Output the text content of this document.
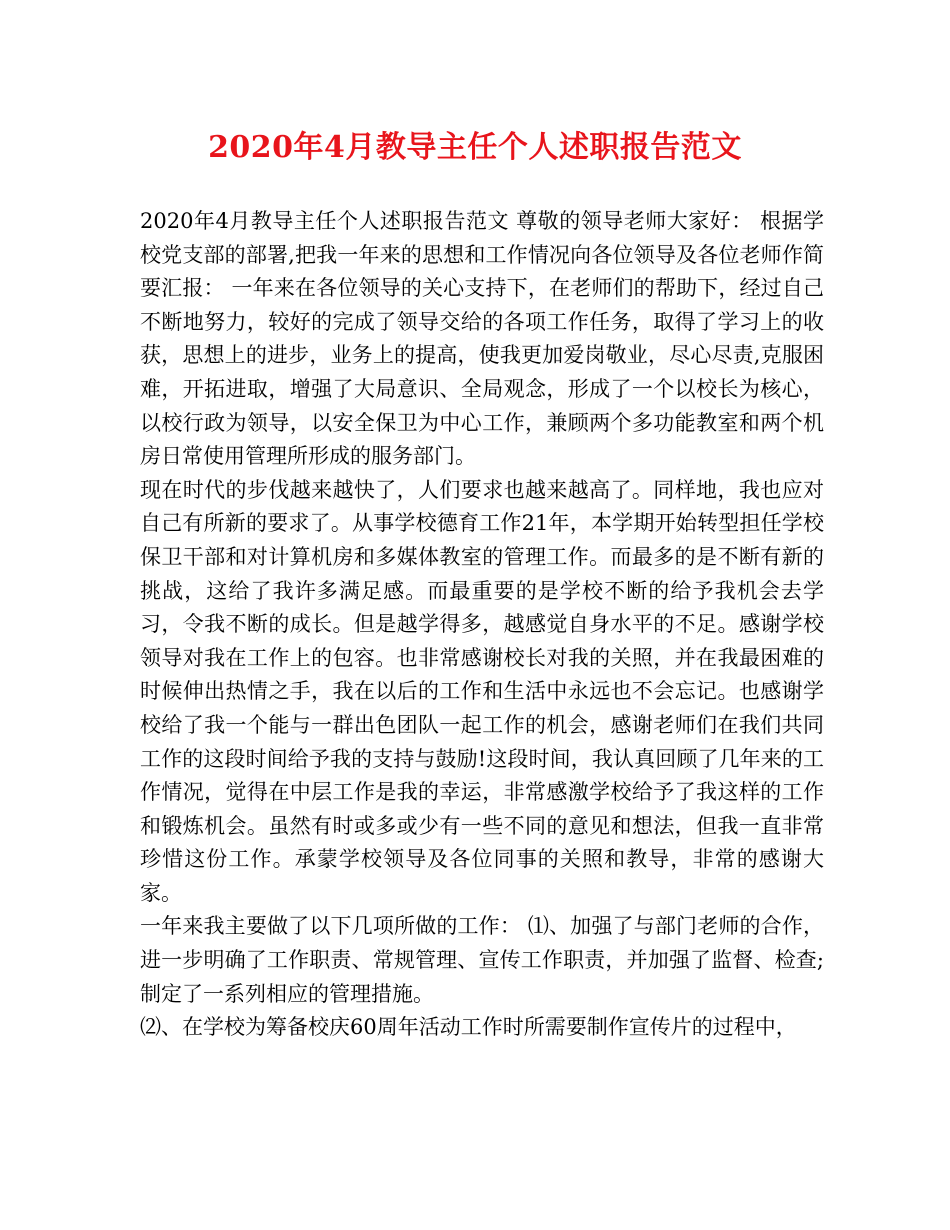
2020年4月教导主任个人述职报告范文

2020年4月教导主任个人述职报告范文 尊敬的领导老师大家好： 根据学校党支部的部署,把我一年来的思想和工作情况向各位领导及各位老师作简要汇报： 一年来在各位领导的关心支持下，在老师们的帮助下，经过自己不断地努力，较好的完成了领导交给的各项工作任务，取得了学习上的收获，思想上的进步，业务上的提高，使我更加爱岗敬业，尽心尽责,克服困难，开拓进取，增强了大局意识、全局观念，形成了一个以校长为核心，以校行政为领导，以安全保卫为中心工作，兼顾两个多功能教室和两个机房日常使用管理所形成的服务部门。

现在时代的步伐越来越快了，人们要求也越来越高了。同样地，我也应对自己有所新的要求了。从事学校德育工作21年，本学期开始转型担任学校保卫干部和对计算机房和多媒体教室的管理工作。而最多的是不断有新的挑战，这给了我许多满足感。而最重要的是学校不断的给予我机会去学习，令我不断的成长。但是越学得多，越感觉自身水平的不足。感谢学校领导对我在工作上的包容。也非常感谢校长对我的关照，并在我最困难的时候伸出热情之手，我在以后的工作和生活中永远也不会忘记。也感谢学校给了我一个能与一群出色团队一起工作的机会，感谢老师们在我们共同工作的这段时间给予我的支持与鼓励!这段时间，我认真回顾了几年来的工作情况，觉得在中层工作是我的幸运，非常感激学校给予了我这样的工作和锻炼机会。虽然有时或多或少有一些不同的意见和想法，但我一直非常珍惜这份工作。承蒙学校领导及各位同事的关照和教导，非常的感谢大家。

一年来我主要做了以下几项所做的工作： ⑴、加强了与部门老师的合作，进一步明确了工作职责、常规管理、宣传工作职责，并加强了监督、检查;制定了一系列相应的管理措施。

⑵、在学校为筹备校庆60周年活动工作时所需要制作宣传片的过程中，
